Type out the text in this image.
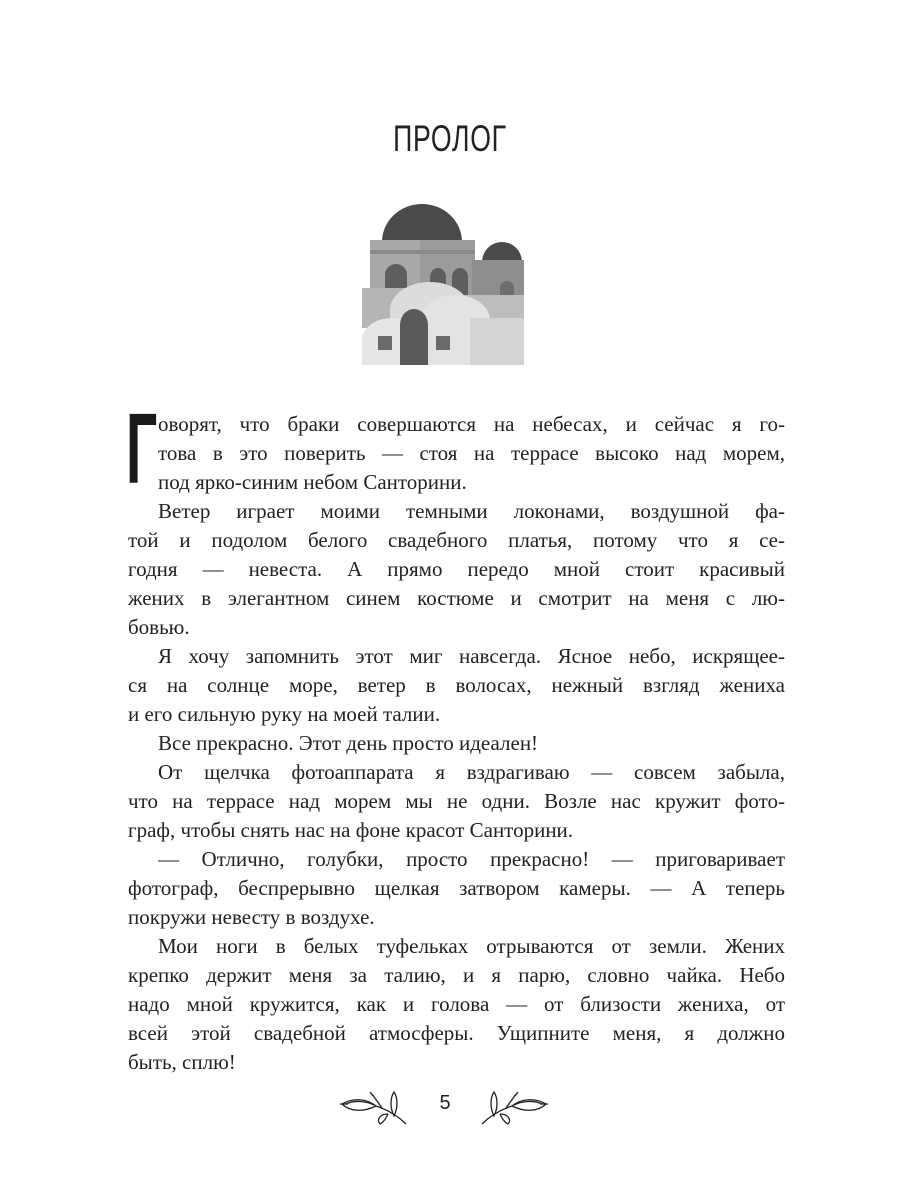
ПРОЛОГ
Г оворят, что браки совершаются на небесах, и сейчас я го-
това в это поверить — стоя на террасе высоко над морем,
под ярко-синим небом Санторини.
Ветер играет моими темными локонами, воздушной фа-
той и подолом белого свадебного платья, потому что я се-
годня — невеста. А прямо передо мной стоит красивый
жених в элегантном синем костюме и смотрит на меня с лю-
бовью.
Я хочу запомнить этот миг навсегда. Ясное небо, искрящее-
ся на солнце море, ветер в волосах, нежный взгляд жениха
и его сильную руку на моей талии.
Все прекрасно. Этот день просто идеален!
От щелчка фотоаппарата я вздрагиваю — совсем забыла,
что на террасе над морем мы не одни. Возле нас кружит фото-
граф, чтобы снять нас на фоне красот Санторини.
— Отлично, голубки, просто прекрасно! — приговаривает
фотограф, беспрерывно щелкая затвором камеры. — А теперь
покружи невесту в воздухе.
Мои ноги в белых туфельках отрываются от земли. Жених
крепко держит меня за талию, и я парю, словно чайка. Небо
надо мной кружится, как и голова — от близости жениха, от
всей этой свадебной атмосферы. Ущипните меня, я должно
быть, сплю!
5
